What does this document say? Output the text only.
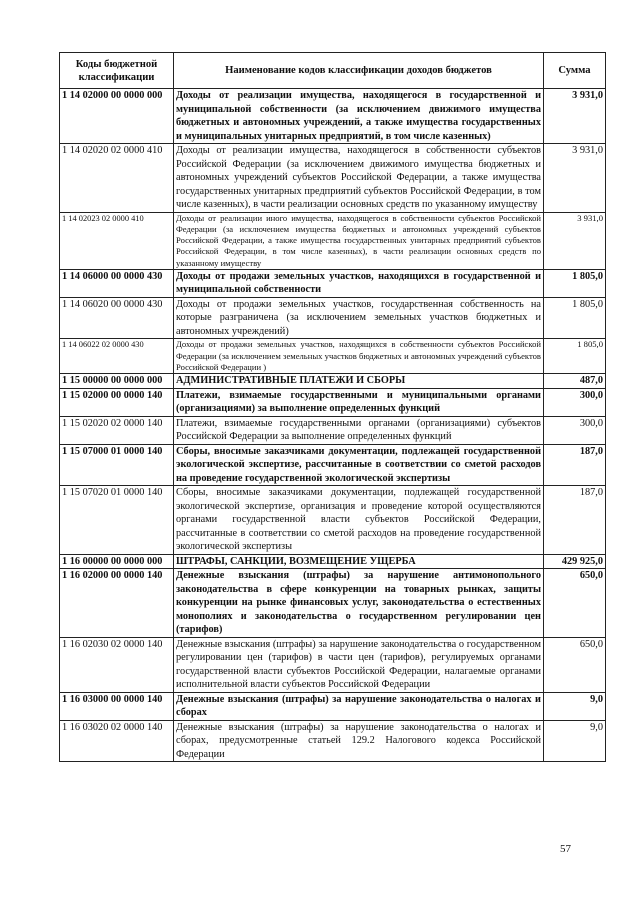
Коды бюджетной классификации	Наименование кодов классификации доходов бюджетов	Сумма
1 14 02000 00 0000 000	Доходы от реализации имущества, находящегося в государственной и муниципальной собственности (за исключением движимого имущества бюджетных и автономных учреждений, а также имущества государственных и муниципальных унитарных предприятий, в том числе казенных)	3 931,0
1 14 02020 02 0000 410	Доходы от реализации имущества, находящегося в собственности субъектов Российской Федерации (за исключением движимого имущества бюджетных и автономных учреждений субъектов Российской Федерации, а также имущества государственных унитарных предприятий субъектов Российской Федерации, в том числе казенных), в части реализации основных средств по указанному имуществу	3 931,0
1 14 02023 02 0000 410	Доходы от реализации иного имущества, находящегося в собственности субъектов Российской Федерации (за исключением имущества бюджетных и автономных учреждений субъектов Российской Федерации, а также имущества государственных унитарных предприятий субъектов Российской Федерации, в том числе казенных), в части реализации основных средств по указанному имуществу	3 931,0
1 14 06000 00 0000 430	Доходы от продажи земельных участков, находящихся в государственной и муниципальной собственности	1 805,0
1 14 06020 00 0000 430	Доходы от продажи земельных участков, государственная собственность на которые разграничена (за исключением земельных участков бюджетных и автономных учреждений)	1 805,0
1 14 06022 02 0000 430	Доходы от продажи земельных участков, находящихся в собственности субъектов Российской Федерации (за исключением земельных участков бюджетных и автономных учреждений субъектов Российской Федерации )	1 805,0
1 15 00000 00 0000 000	АДМИНИСТРАТИВНЫЕ ПЛАТЕЖИ И СБОРЫ	487,0
1 15 02000 00 0000 140	Платежи, взимаемые государственными и муниципальными органами (организациями) за выполнение определенных функций	300,0
1 15 02020 02 0000 140	Платежи, взимаемые государственными органами (организациями) субъектов Российской Федерации за выполнение определенных функций	300,0
1 15 07000 01 0000 140	Сборы, вносимые заказчиками документации, подлежащей государственной экологической экспертизе, рассчитанные в соответствии со сметой расходов на проведение государственной экологической экспертизы	187,0
1 15 07020 01 0000 140	Сборы, вносимые заказчиками документации, подлежащей государственной экологической экспертизе, организация и проведение которой осуществляются органами государственной власти субъектов Российской Федерации, рассчитанные в соответствии со сметой расходов на проведение государственной экологической экспертизы	187,0
1 16 00000 00 0000 000	ШТРАФЫ, САНКЦИИ, ВОЗМЕЩЕНИЕ УЩЕРБА	429 925,0
1 16 02000 00 0000 140	Денежные взыскания (штрафы) за нарушение антимонопольного законодательства в сфере конкуренции на товарных рынках, защиты конкуренции на рынке финансовых услуг, законодательства о естественных монополиях и законодательства о государственном регулировании цен (тарифов)	650,0
1 16 02030 02 0000 140	Денежные взыскания (штрафы) за нарушение законодательства о государственном регулировании цен (тарифов) в части цен (тарифов), регулируемых органами государственной власти субъектов Российской Федерации, налагаемые органами исполнительной власти субъектов Российской Федерации	650,0
1 16 03000 00 0000 140	Денежные взыскания (штрафы) за нарушение законодательства о налогах и сборах	9,0
1 16 03020 02 0000 140	Денежные взыскания (штрафы) за нарушение законодательства о налогах и сборах, предусмотренные статьей 129.2 Налогового кодекса Российской Федерации	9,0
57
